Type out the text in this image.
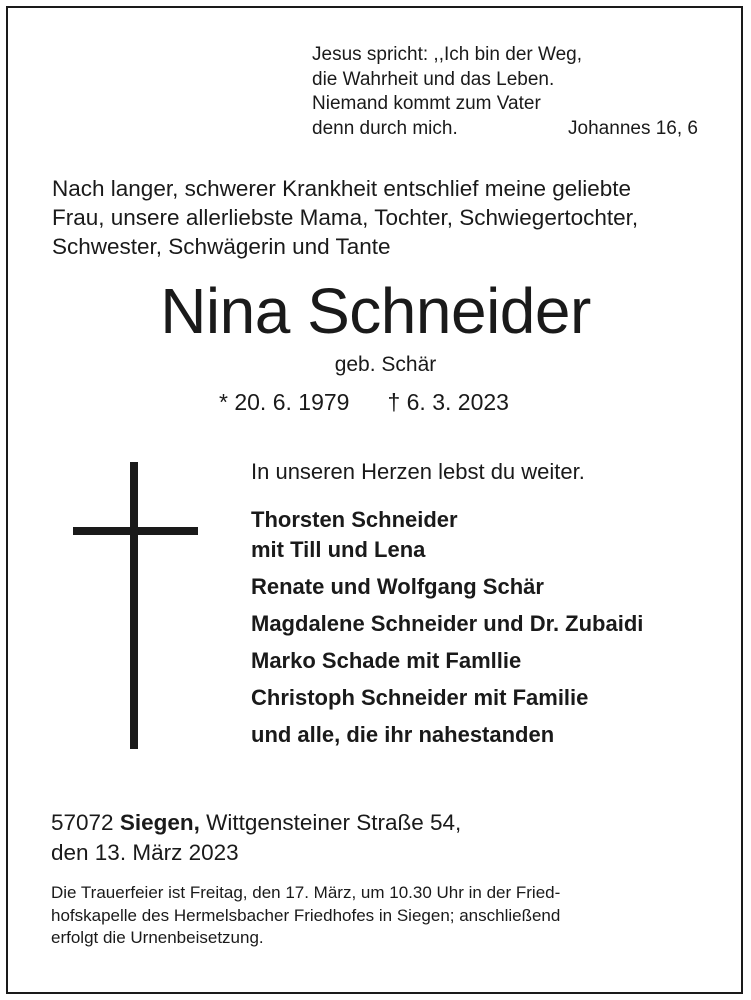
Jesus spricht: ,,Ich bin der Weg,
die Wahrheit und das Leben.
Niemand kommt zum Vater
denn durch mich.	Johannes 16, 6
Nach langer, schwerer Krankheit entschlief meine geliebte
Frau, unsere allerliebste Mama, Tochter, Schwiegertochter,
Schwester, Schwägerin und Tante
Nina Schneider
geb. Schär
* 20. 6. 1979 † 6. 3. 2023
In unseren Herzen lebst du weiter.
Thorsten Schneider
mit Till und Lena
Renate und Wolfgang Schär
Magdalene Schneider und Dr. Zubaidi
Marko Schade mit Famllie
Christoph Schneider mit Familie
und alle, die ihr nahestanden
57072 Siegen, Wittgensteiner Straße 54,
den 13. März 2023
Die Trauerfeier ist Freitag, den 17. März, um 10.30 Uhr in der Fried-
hofskapelle des Hermelsbacher Friedhofes in Siegen; anschließend
erfolgt die Urnenbeisetzung.
